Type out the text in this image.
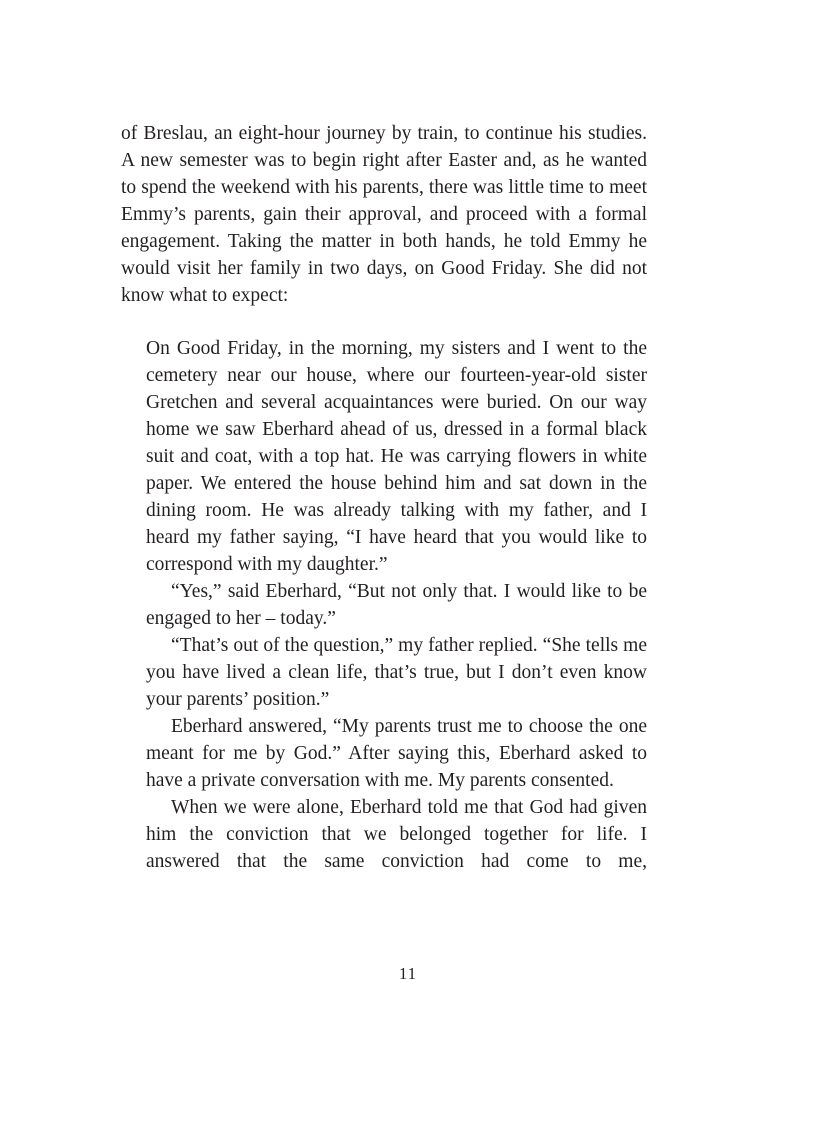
of Breslau, an eight-hour journey by train, to continue his studies. A new semester was to begin right after Easter and, as he wanted to spend the weekend with his parents, there was little time to meet Emmy’s parents, gain their approval, and proceed with a formal engagement. Taking the matter in both hands, he told Emmy he would visit her family in two days, on Good Friday. She did not know what to expect:

On Good Friday, in the morning, my sisters and I went to the cemetery near our house, where our fourteen-year-old sister Gretchen and several acquaintances were buried. On our way home we saw Eberhard ahead of us, dressed in a formal black suit and coat, with a top hat. He was carrying flowers in white paper. We entered the house behind him and sat down in the dining room. He was already talking with my father, and I heard my father saying, “I have heard that you would like to correspond with my daughter.”

“Yes,” said Eberhard, “But not only that. I would like to be engaged to her – today.”

“That’s out of the question,” my father replied. “She tells me you have lived a clean life, that’s true, but I don’t even know your parents’ position.”

Eberhard answered, “My parents trust me to choose the one meant for me by God.” After saying this, Eberhard asked to have a private conversation with me. My parents consented.

When we were alone, Eberhard told me that God had given him the conviction that we belonged together for life. I answered that the same conviction had come to me,

11
